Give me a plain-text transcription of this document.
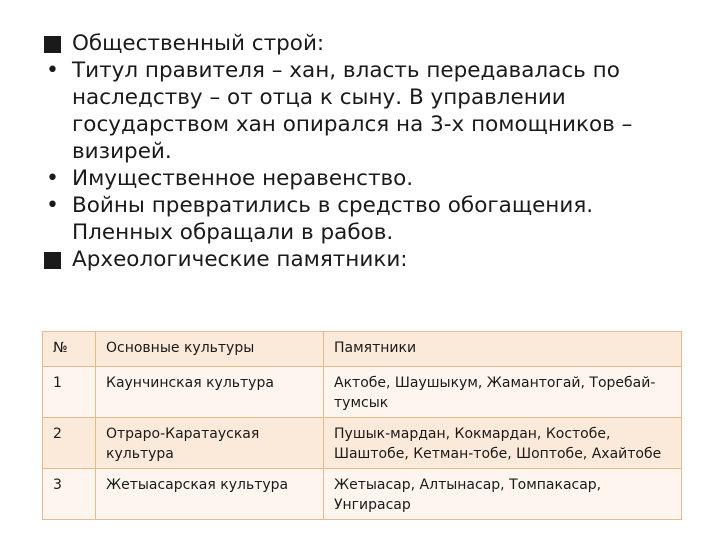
Общественный строй:
• Титул правителя – хан, власть передавалась по наследству – от отца к сыну. В управлении государством хан опирался на 3-х помощников – визирей.
• Имущественное неравенство.
• Войны превратились в средство обогащения. Пленных обращали в рабов.
Археологические памятники:
№	Основные культуры	Памятники
1	Каунчинская культура	Актобе, Шаушыкум, Жамантогай, Торебай-тумсык
2	Отраро-Каратауская культура	Пушык-мардан, Кокмардан, Костобе, Шаштобе, Кетман-тобе, Шоптобе, Ахайтобе
3	Жетыасарская культура	Жетыасар, Алтынасар, Томпакасар, Унгирасар
